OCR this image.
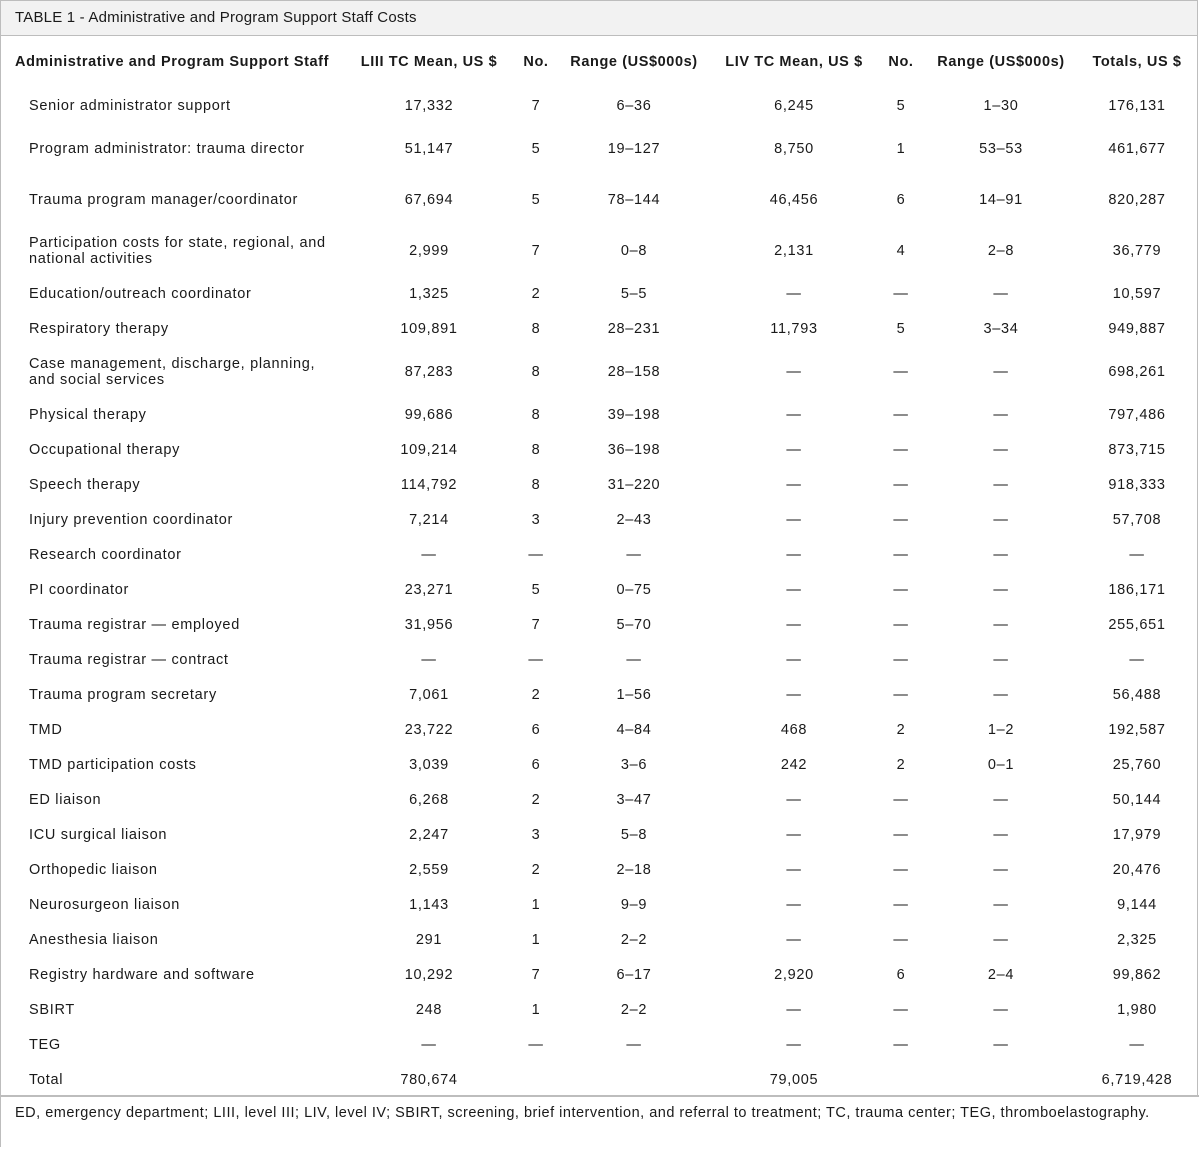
TABLE 1 - Administrative and Program Support Staff Costs
Administrative and Program Support Staff	LIII TC Mean, US $	No.	Range (US$000s)	LIV TC Mean, US $	No.	Range (US$000s)	Totals, US $
Senior administrator support	17,332	7	6–36	6,245	5	1–30	176,131
Program administrator: trauma director	51,147	5	19–127	8,750	1	53–53	461,677
Trauma program manager/coordinator	67,694	5	78–144	46,456	6	14–91	820,287
Participation costs for state, regional, and national activities	2,999	7	0–8	2,131	4	2–8	36,779
Education/outreach coordinator	1,325	2	5–5	—	—	—	10,597
Respiratory therapy	109,891	8	28–231	11,793	5	3–34	949,887
Case management, discharge, planning, and social services	87,283	8	28–158	—	—	—	698,261
Physical therapy	99,686	8	39–198	—	—	—	797,486
Occupational therapy	109,214	8	36–198	—	—	—	873,715
Speech therapy	114,792	8	31–220	—	—	—	918,333
Injury prevention coordinator	7,214	3	2–43	—	—	—	57,708
Research coordinator	—	—	—	—	—	—	—
PI coordinator	23,271	5	0–75	—	—	—	186,171
Trauma registrar — employed	31,956	7	5–70	—	—	—	255,651
Trauma registrar — contract	—	—	—	—	—	—	—
Trauma program secretary	7,061	2	1–56	—	—	—	56,488
TMD	23,722	6	4–84	468	2	1–2	192,587
TMD participation costs	3,039	6	3–6	242	2	0–1	25,760
ED liaison	6,268	2	3–47	—	—	—	50,144
ICU surgical liaison	2,247	3	5–8	—	—	—	17,979
Orthopedic liaison	2,559	2	2–18	—	—	—	20,476
Neurosurgeon liaison	1,143	1	9–9	—	—	—	9,144
Anesthesia liaison	291	1	2–2	—	—	—	2,325
Registry hardware and software	10,292	7	6–17	2,920	6	2–4	99,862
SBIRT	248	1	2–2	—	—	—	1,980
TEG	—	—	—	—	—	—	—
Total	780,674			79,005			6,719,428
ED, emergency department; LIII, level III; LIV, level IV; SBIRT, screening, brief intervention, and referral to treatment; TC, trauma center; TEG, thromboelastography.
